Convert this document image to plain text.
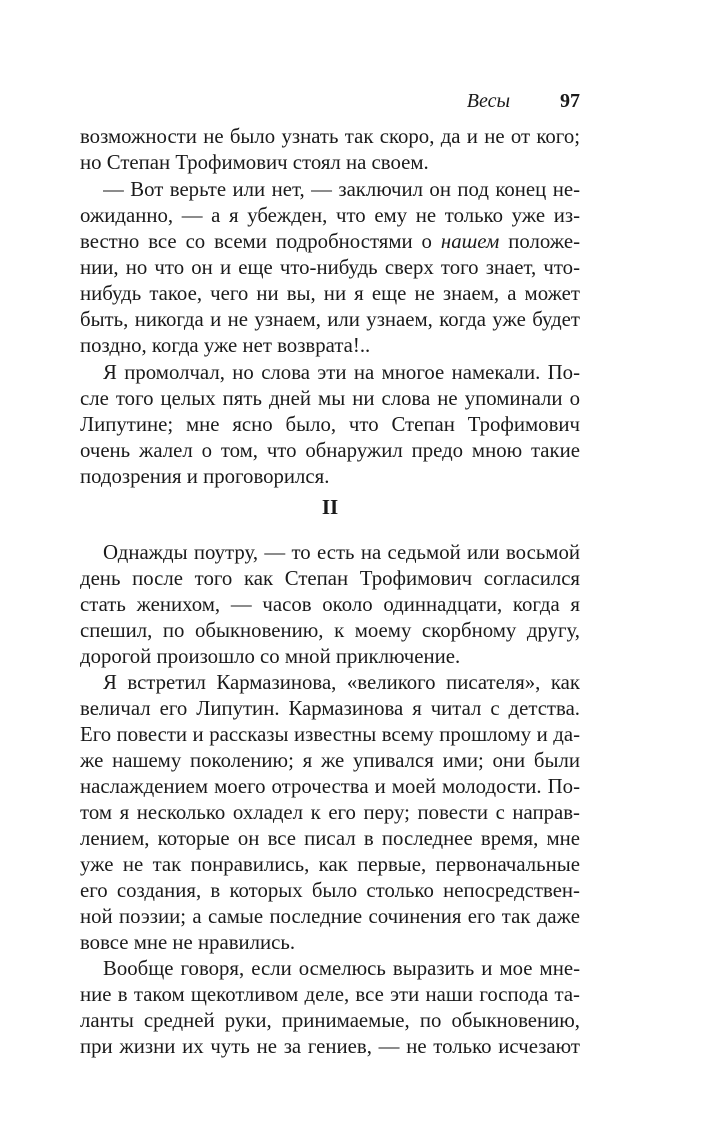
Весы	97
возможности не было узнать так скоро, да и не от кого;
но Степан Трофимович стоял на своем.
— Вот верьте или нет, — заключил он под конец не-
ожиданно, — а я убежден, что ему не только уже из-
вестно все со всеми подробностями о нашем положе-
нии, но что он и еще что-нибудь сверх того знает, что-
нибудь такое, чего ни вы, ни я еще не знаем, а может
быть, никогда и не узнаем, или узнаем, когда уже будет
поздно, когда уже нет возврата!..
Я промолчал, но слова эти на многое намекали. По-
сле того целых пять дней мы ни слова не упоминали о
Липутине; мне ясно было, что Степан Трофимович
очень жалел о том, что обнаружил предо мною такие
подозрения и проговорился.
II
Однажды поутру, — то есть на седьмой или восьмой
день после того как Степан Трофимович согласился
стать женихом, — часов около одиннадцати, когда я
спешил, по обыкновению, к моему скорбному другу,
дорогой произошло со мной приключение.
Я встретил Кармазинова, «великого писателя», как
величал его Липутин. Кармазинова я читал с детства.
Его повести и рассказы известны всему прошлому и да-
же нашему поколению; я же упивался ими; они были
наслаждением моего отрочества и моей молодости. По-
том я несколько охладел к его перу; повести с направ-
лением, которые он все писал в последнее время, мне
уже не так понравились, как первые, первоначальные
его создания, в которых было столько непосредствен-
ной поэзии; а самые последние сочинения его так даже
вовсе мне не нравились.
Вообще говоря, если осмелюсь выразить и мое мне-
ние в таком щекотливом деле, все эти наши господа та-
ланты средней руки, принимаемые, по обыкновению,
при жизни их чуть не за гениев, — не только исчезают
